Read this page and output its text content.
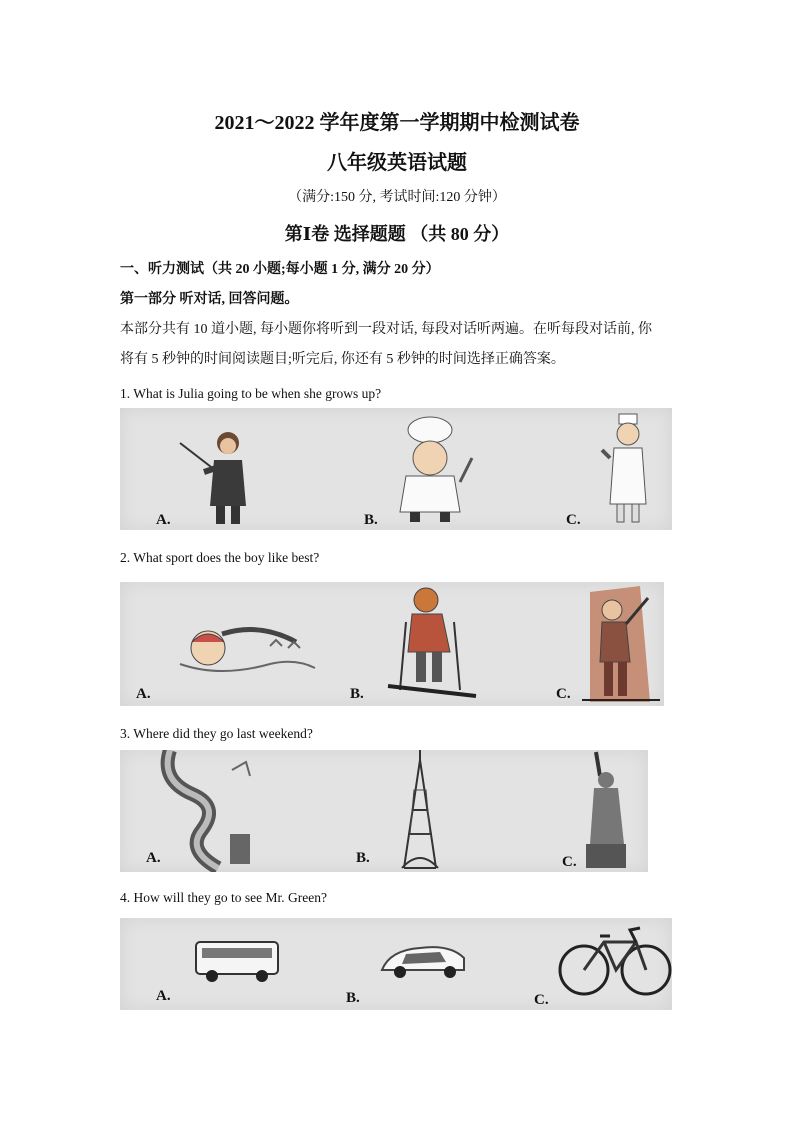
2021～2022 学年度第一学期期中检测试卷
八年级英语试题
（满分:150 分, 考试时间:120 分钟）
第Ⅰ卷 选择题题 （共 80 分）
一、听力测试（共 20 小题;每小题 1 分, 满分 20 分）
第一部分 听对话, 回答问题。
本部分共有 10 道小题, 每小题你将听到一段对话, 每段对话听两遍。在听每段对话前, 你
将有 5 秒钟的时间阅读题目;听完后, 你还有 5 秒钟的时间选择正确答案。
1. What is Julia going to be when she grows up?
A.	B.	C.
2. What sport does the boy like best?
A.	B.	C.
3. Where did they go last weekend?
A.	B.	C.
4. How will they go to see Mr. Green?
A.	B.	C.
